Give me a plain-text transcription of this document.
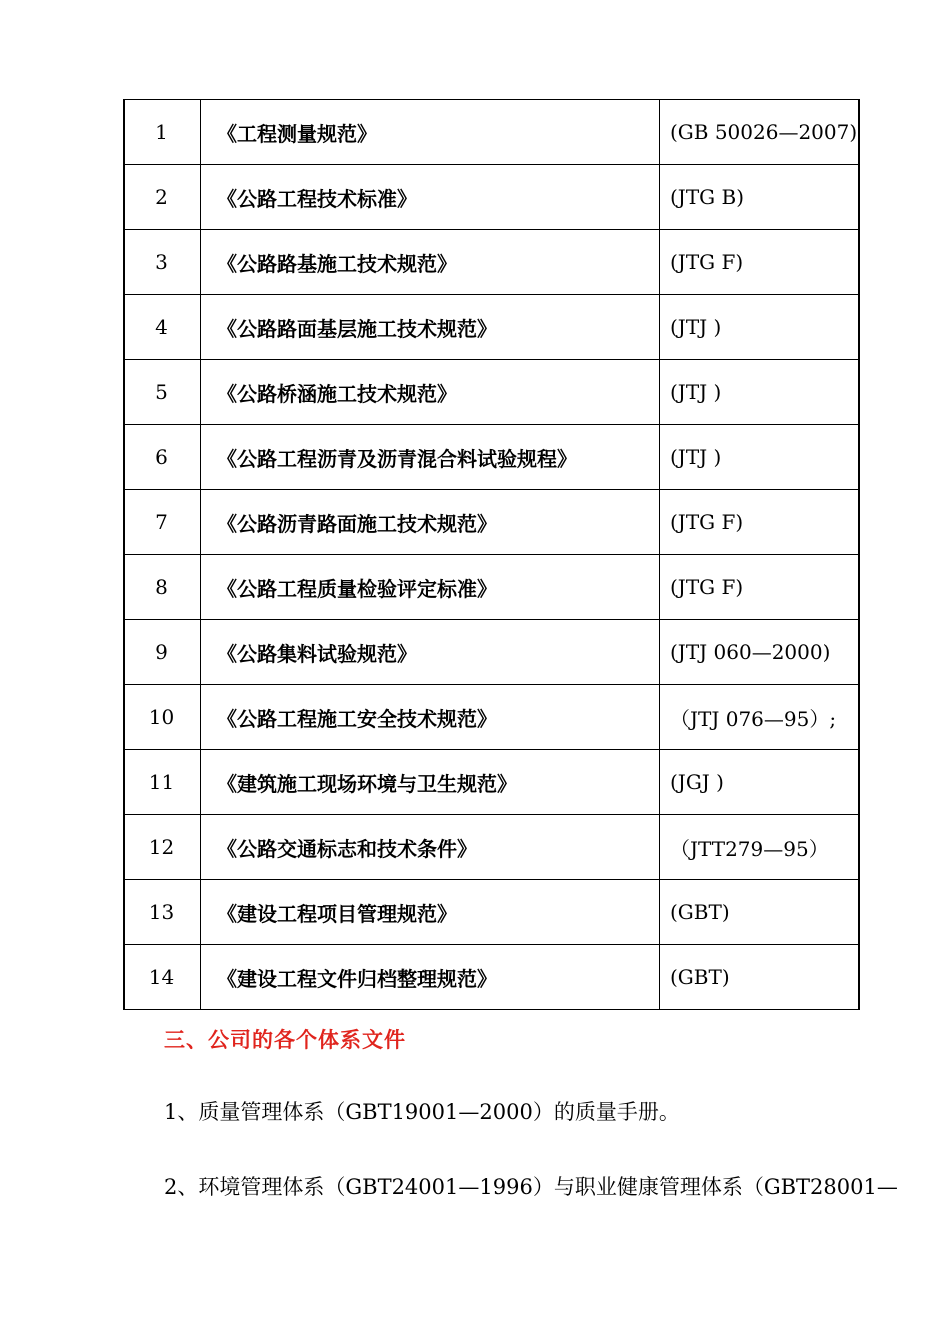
1	《工程测量规范》	(GB 50026—2007)
2	《公路工程技术标准》	(JTG B)
3	《公路路基施工技术规范》	(JTG F)
4	《公路路面基层施工技术规范》	(JTJ )
5	《公路桥涵施工技术规范》	(JTJ )
6	《公路工程沥青及沥青混合料试验规程》	(JTJ )
7	《公路沥青路面施工技术规范》	(JTG F)
8	《公路工程质量检验评定标准》	(JTG F)
9	《公路集料试验规范》	(JTJ 060—2000)
10	《公路工程施工安全技术规范》	（JTJ 076—95）;
11	《建筑施工现场环境与卫生规范》	(JGJ )
12	《公路交通标志和技术条件》	（JTT279—95）
13	《建设工程项目管理规范》	(GBT)
14	《建设工程文件归档整理规范》	(GBT)
三、公司的各个体系文件
1、质量管理体系（GBT19001—2000）的质量手册。
2、环境管理体系（GBT24001—1996）与职业健康管理体系（GBT28001—
